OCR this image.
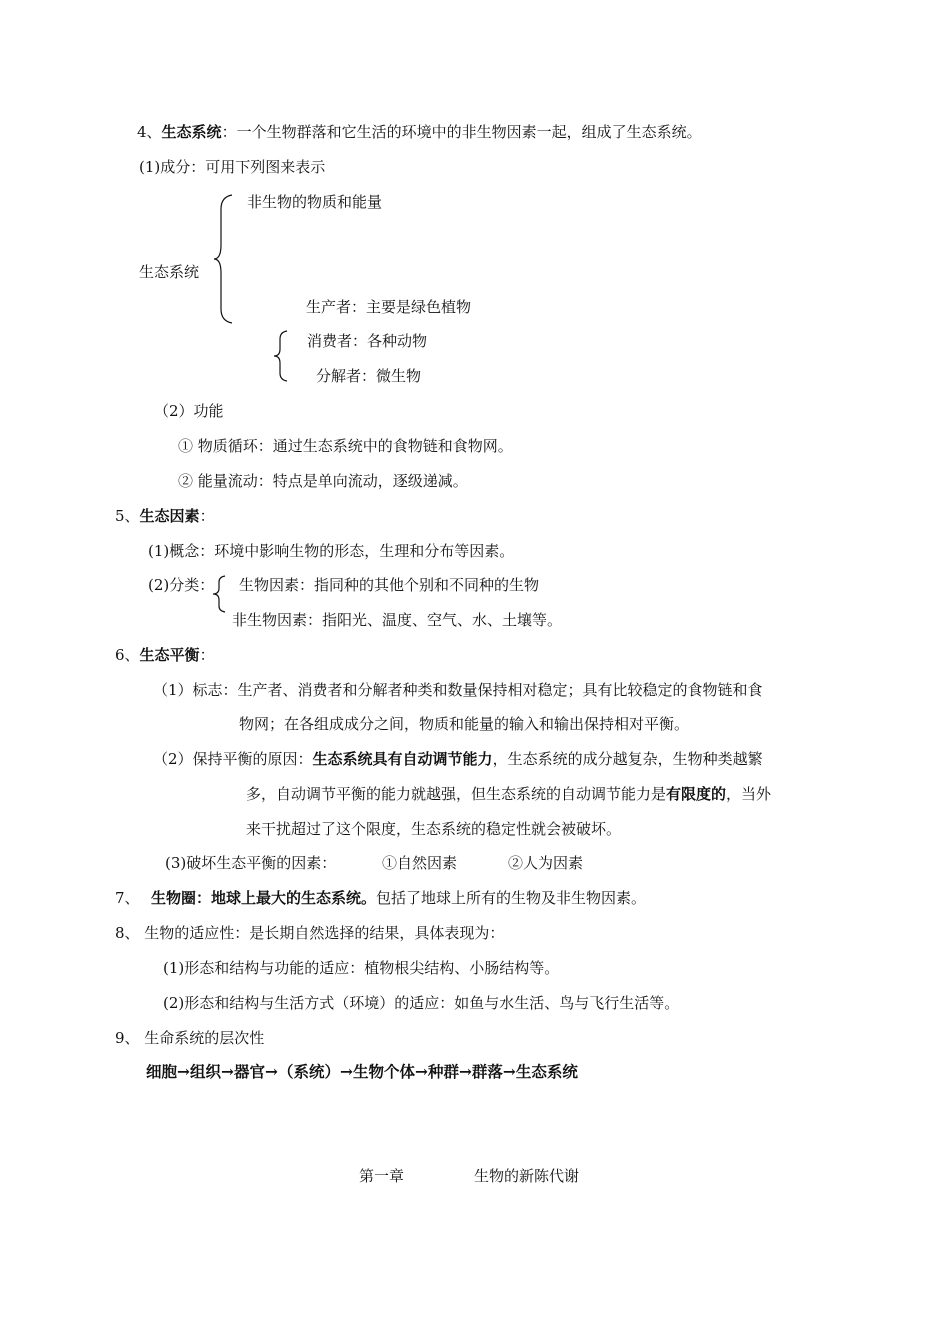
4、生态系统：一个生物群落和它生活的环境中的非生物因素一起，组成了生态系统。
(1)成分：可用下列图来表示
非生物的物质和能量
生态系统
生产者：主要是绿色植物
消费者：各种动物
分解者：微生物
（2）功能
① 物质循环：通过生态系统中的食物链和食物网。
② 能量流动：特点是单向流动，逐级递减。
5、生态因素：
(1)概念：环境中影响生物的形态，生理和分布等因素。
(2)分类： 生物因素：指同种的其他个别和不同种的生物
非生物因素：指阳光、温度、空气、水、土壤等。
6、生态平衡：
（1）标志：生产者、消费者和分解者种类和数量保持相对稳定；具有比较稳定的食物链和食
物网；在各组成成分之间，物质和能量的输入和输出保持相对平衡。
（2）保持平衡的原因：生态系统具有自动调节能力，生态系统的成分越复杂，生物种类越繁
多，自动调节平衡的能力就越强，但生态系统的自动调节能力是有限度的，当外
来干扰超过了这个限度，生态系统的稳定性就会被破坏。
(3)破坏生态平衡的因素：	①自然因素	②人为因素
7、 生物圈：地球上最大的生态系统。包括了地球上所有的生物及非生物因素。
8、 生物的适应性：是长期自然选择的结果，具体表现为：
(1)形态和结构与功能的适应：植物根尖结构、小肠结构等。
(2)形态和结构与生活方式（环境）的适应：如鱼与水生活、鸟与飞行生活等。
9、 生命系统的层次性
细胞→组织→器官→（系统）→生物个体→种群→群落→生态系统
第一章	生物的新陈代谢
